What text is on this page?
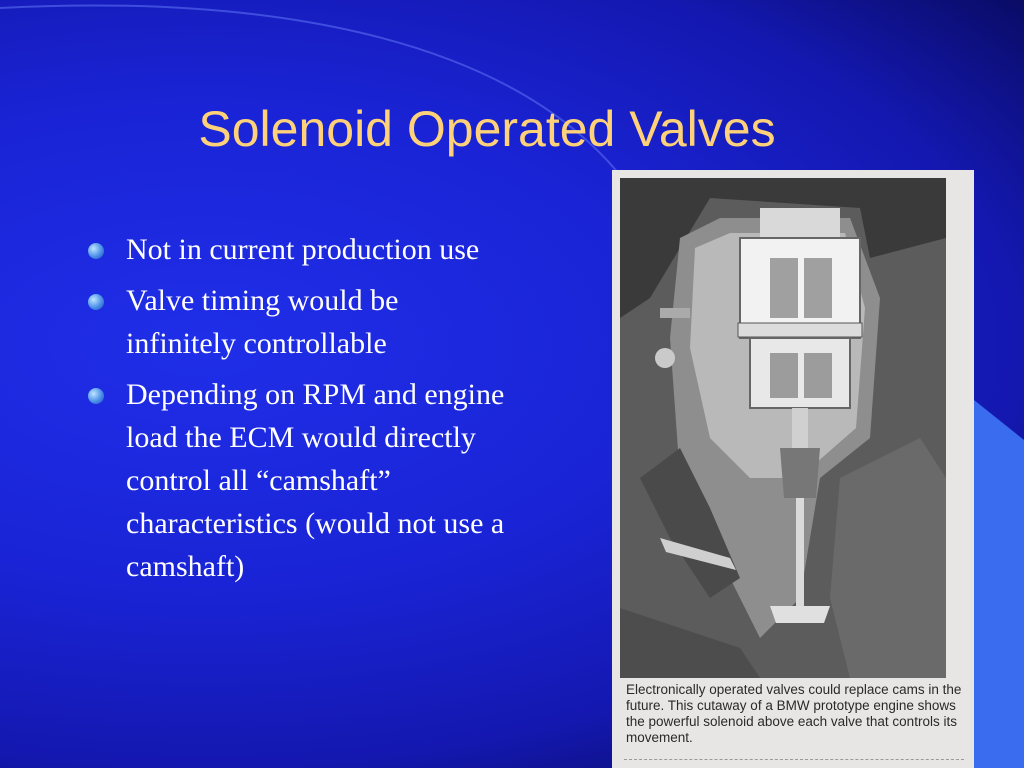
Solenoid Operated Valves
Not in current production use
Valve timing would be infinitely controllable
Depending on RPM and engine load the ECM would directly control all “camshaft” characteristics (would not use a camshaft)
Electronically operated valves could replace cams in the future. This cutaway of a BMW prototype engine shows the powerful solenoid above each valve that controls its movement.
